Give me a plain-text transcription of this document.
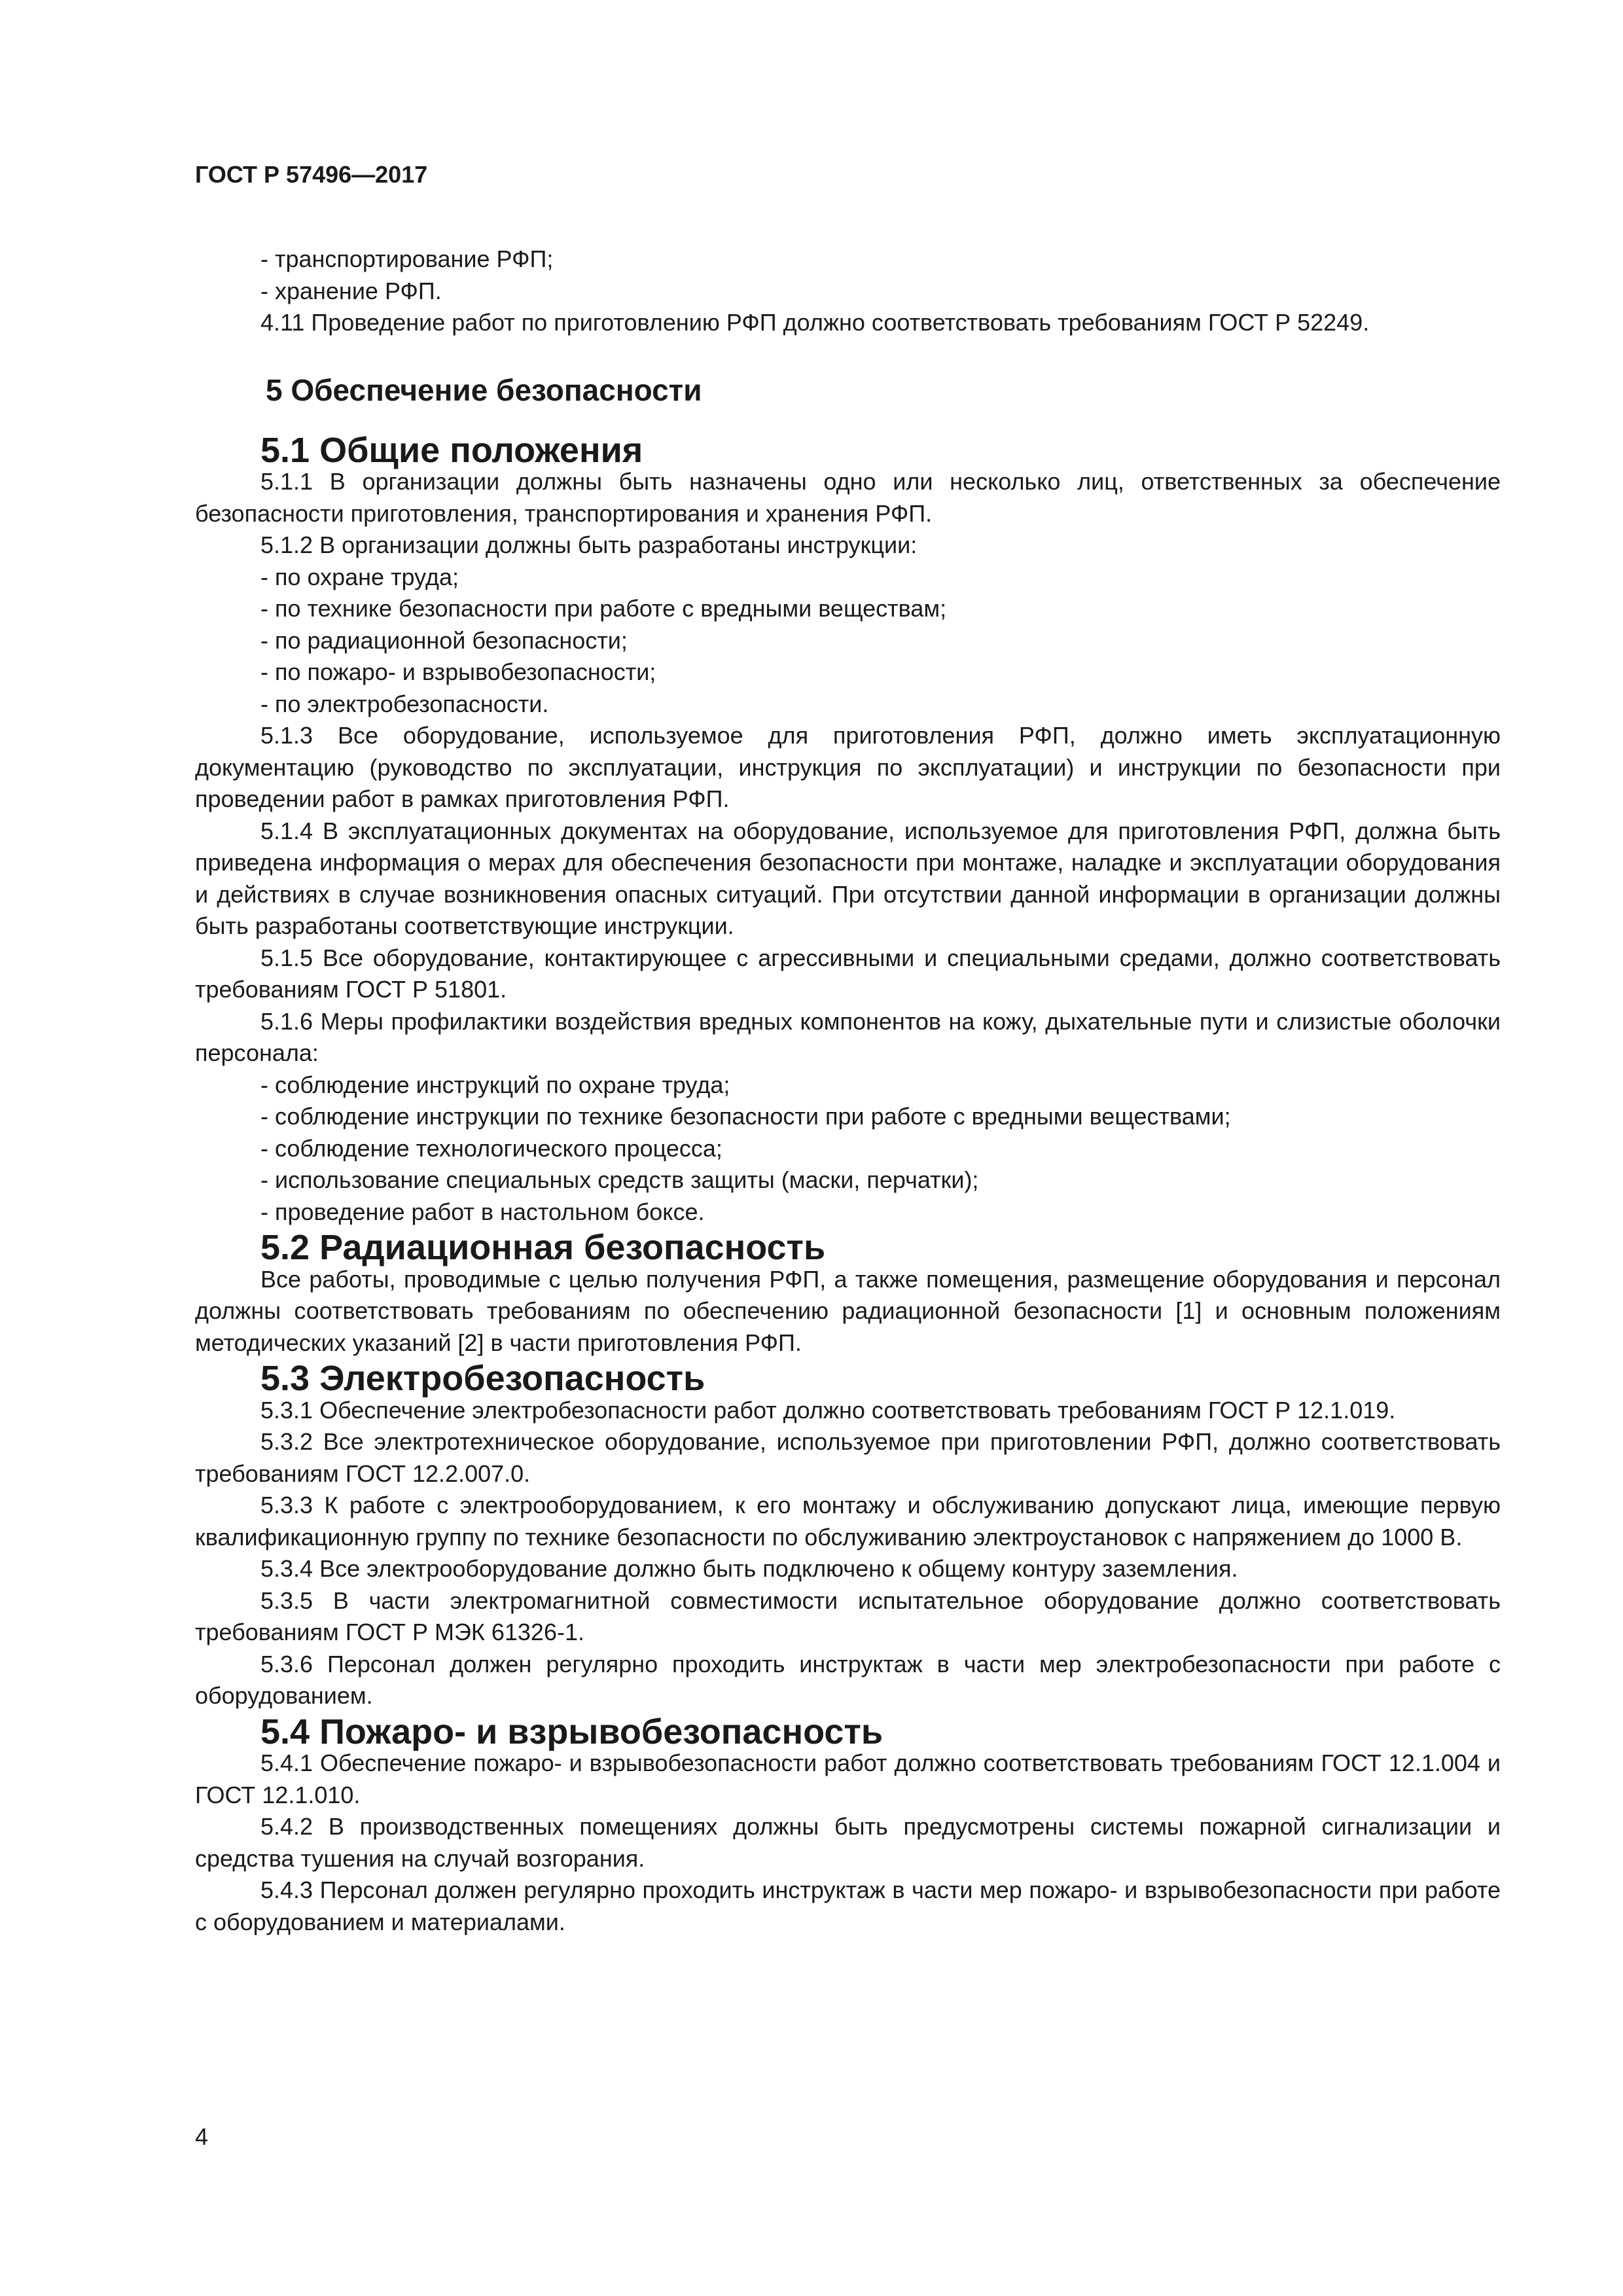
ГОСТ Р 57496—2017

- транспортирование РФП;

- хранение РФП.

4.11 Проведение работ по приготовлению РФП должно соответствовать требованиям ГОСТ Р 52249.

5 Обеспечение безопасности
5.1 Общие положения

5.1.1 В организации должны быть назначены одно или несколько лиц, ответственных за обеспечение безопасности приготовления, транспортирования и хранения РФП.

5.1.2 В организации должны быть разработаны инструкции:

- по охране труда;

- по технике безопасности при работе с вредными веществам;

- по радиационной безопасности;

- по пожаро- и взрывобезопасности;

- по электробезопасности.

5.1.3 Все оборудование, используемое для приготовления РФП, должно иметь эксплуатационную документацию (руководство по эксплуатации, инструкция по эксплуатации) и инструкции по безопасности при проведении работ в рамках приготовления РФП.

5.1.4 В эксплуатационных документах на оборудование, используемое для приготовления РФП, должна быть приведена информация о мерах для обеспечения безопасности при монтаже, наладке и эксплуатации оборудования и действиях в случае возникновения опасных ситуаций. При отсутствии данной информации в организации должны быть разработаны соответствующие инструкции.

5.1.5 Все оборудование, контактирующее с агрессивными и специальными средами, должно соответствовать требованиям ГОСТ Р 51801.

5.1.6 Меры профилактики воздействия вредных компонентов на кожу, дыхательные пути и слизистые оболочки персонала:

- соблюдение инструкций по охране труда;

- соблюдение инструкции по технике безопасности при работе с вредными веществами;

- соблюдение технологического процесса;

- использование специальных средств защиты (маски, перчатки);

- проведение работ в настольном боксе.

5.2 Радиационная безопасность

Все работы, проводимые с целью получения РФП, а также помещения, размещение оборудования и персонал должны соответствовать требованиям по обеспечению радиационной безопасности [1] и основным положениям методических указаний [2] в части приготовления РФП.

5.3 Электробезопасность

5.3.1 Обеспечение электробезопасности работ должно соответствовать требованиям ГОСТ Р 12.1.019.

5.3.2 Все электротехническое оборудование, используемое при приготовлении РФП, должно соответствовать требованиям ГОСТ 12.2.007.0.

5.3.3 К работе с электрооборудованием, к его монтажу и обслуживанию допускают лица, имеющие первую квалификационную группу по технике безопасности по обслуживанию электроустановок с напряжением до 1000 В.

5.3.4 Все электрооборудование должно быть подключено к общему контуру заземления.

5.3.5 В части электромагнитной совместимости испытательное оборудование должно соответствовать требованиям ГОСТ Р МЭК 61326-1.

5.3.6 Персонал должен регулярно проходить инструктаж в части мер электробезопасности при работе с оборудованием.

5.4 Пожаро- и взрывобезопасность

5.4.1 Обеспечение пожаро- и взрывобезопасности работ должно соответствовать требованиям ГОСТ 12.1.004 и ГОСТ 12.1.010.

5.4.2 В производственных помещениях должны быть предусмотрены системы пожарной сигнализации и средства тушения на случай возгорания.

5.4.3 Персонал должен регулярно проходить инструктаж в части мер пожаро- и взрывобезопасности при работе с оборудованием и материалами.

4
